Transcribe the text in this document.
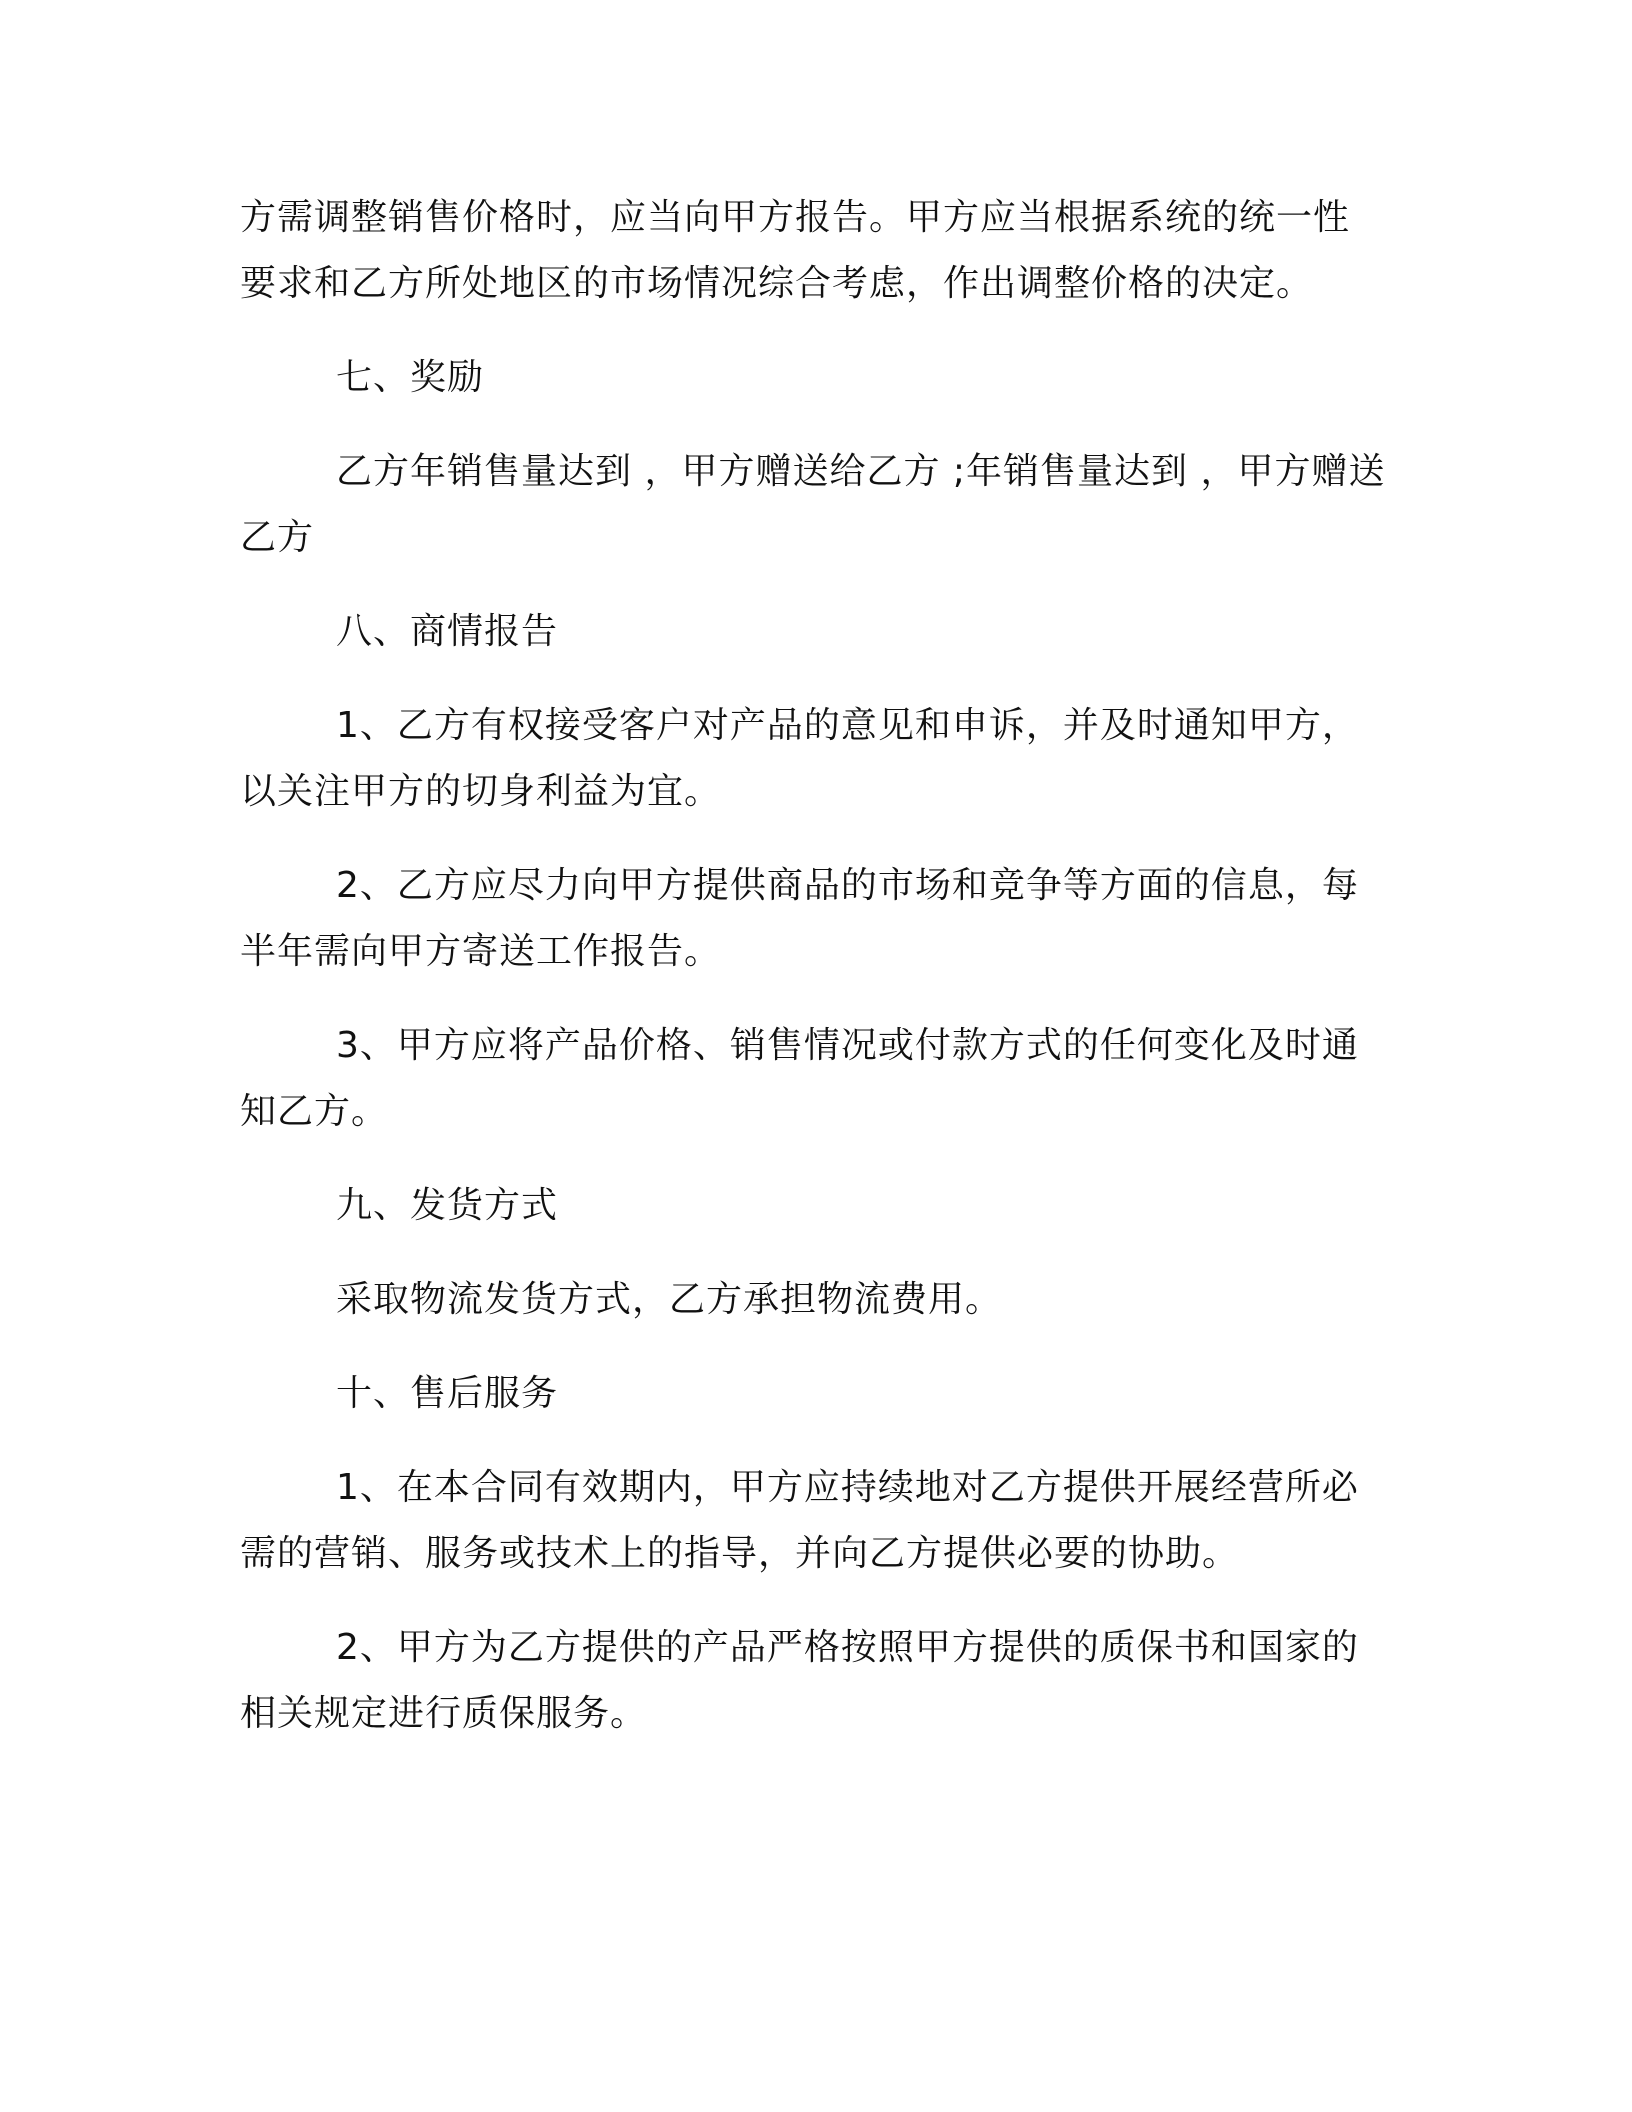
方需调整销售价格时，应当向甲方报告。甲方应当根据系统的统一性

要求和乙方所处地区的市场情况综合考虑，作出调整价格的决定。

七、奖励

乙方年销售量达到 ，甲方赠送给乙方 ;年销售量达到 ，甲方赠送

乙方

八、商情报告

1、乙方有权接受客户对产品的意见和申诉，并及时通知甲方，

以关注甲方的切身利益为宜。

2、乙方应尽力向甲方提供商品的市场和竞争等方面的信息，每

半年需向甲方寄送工作报告。

3、甲方应将产品价格、销售情况或付款方式的任何变化及时通

知乙方。

九、发货方式

采取物流发货方式，乙方承担物流费用。

十、售后服务

1、在本合同有效期内，甲方应持续地对乙方提供开展经营所必

需的营销、服务或技术上的指导，并向乙方提供必要的协助。

2、甲方为乙方提供的产品严格按照甲方提供的质保书和国家的

相关规定进行质保服务。
